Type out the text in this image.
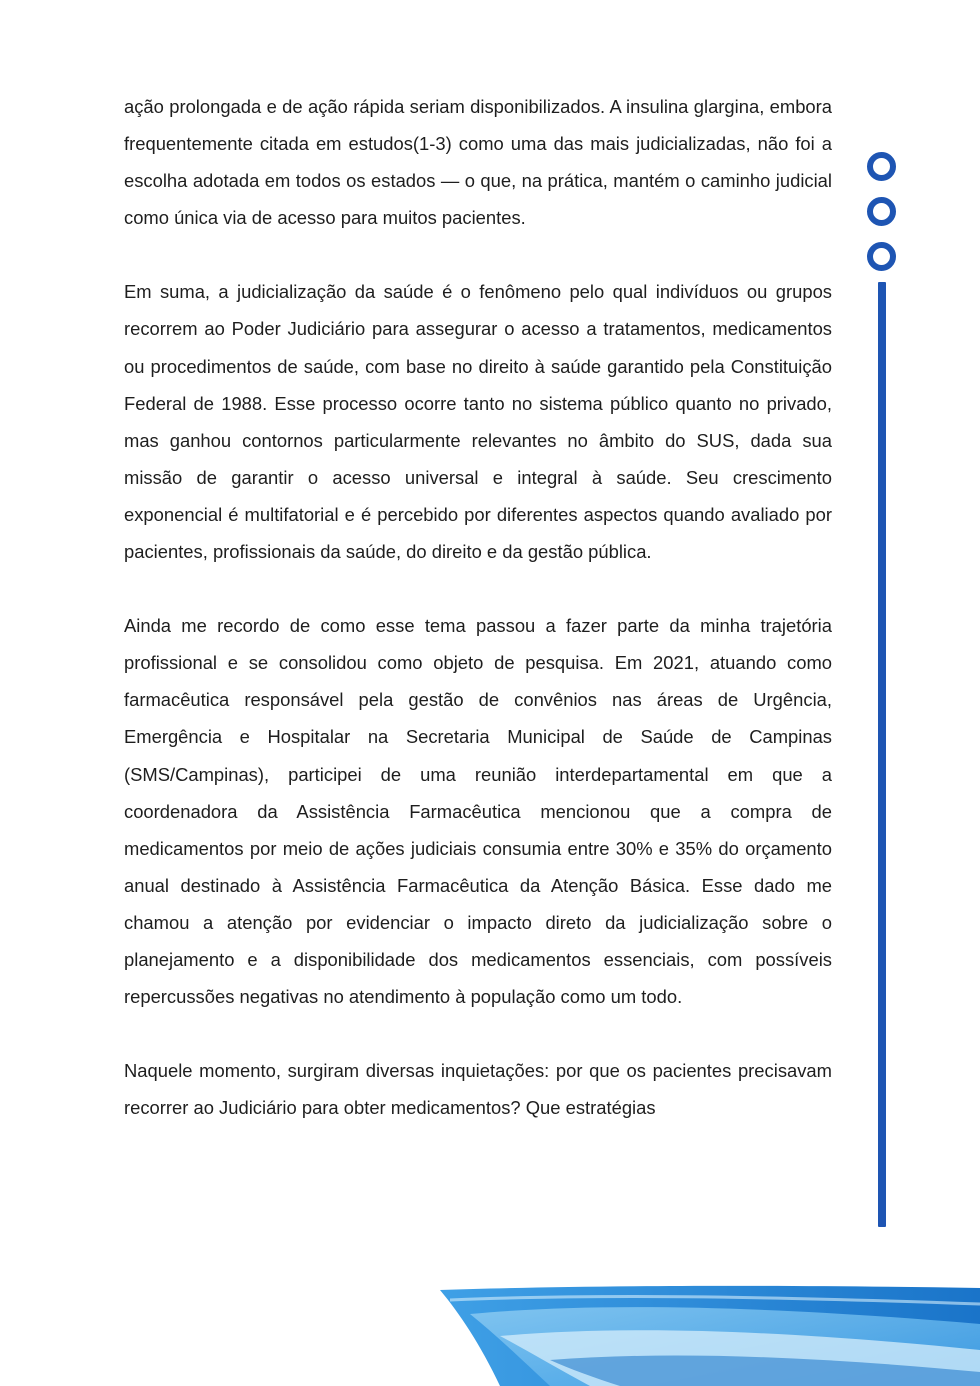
ação prolongada e de ação rápida seriam disponibilizados. A insulina glargina, embora frequentemente citada em estudos(1-3) como uma das mais judicializadas, não foi a escolha adotada em todos os estados — o que, na prática, mantém o caminho judicial como única via de acesso para muitos pacientes.

Em suma, a judicialização da saúde é o fenômeno pelo qual indivíduos ou grupos recorrem ao Poder Judiciário para assegurar o acesso a tratamentos, medicamentos ou procedimentos de saúde, com base no direito à saúde garantido pela Constituição Federal de 1988. Esse processo ocorre tanto no sistema público quanto no privado, mas ganhou contornos particularmente relevantes no âmbito do SUS, dada sua missão de garantir o acesso universal e integral à saúde. Seu crescimento exponencial é multifatorial e é percebido por diferentes aspectos quando avaliado por pacientes, profissionais da saúde, do direito e da gestão pública.

Ainda me recordo de como esse tema passou a fazer parte da minha trajetória profissional e se consolidou como objeto de pesquisa. Em 2021, atuando como farmacêutica responsável pela gestão de convênios nas áreas de Urgência, Emergência e Hospitalar na Secretaria Municipal de Saúde de Campinas (SMS/Campinas), participei de uma reunião interdepartamental em que a coordenadora da Assistência Farmacêutica mencionou que a compra de medicamentos por meio de ações judiciais consumia entre 30% e 35% do orçamento anual destinado à Assistência Farmacêutica da Atenção Básica. Esse dado me chamou a atenção por evidenciar o impacto direto da judicialização sobre o planejamento e a disponibilidade dos medicamentos essenciais, com possíveis repercussões negativas no atendimento à população como um todo.

Naquele momento, surgiram diversas inquietações: por que os pacientes precisavam recorrer ao Judiciário para obter medicamentos? Que estratégias
